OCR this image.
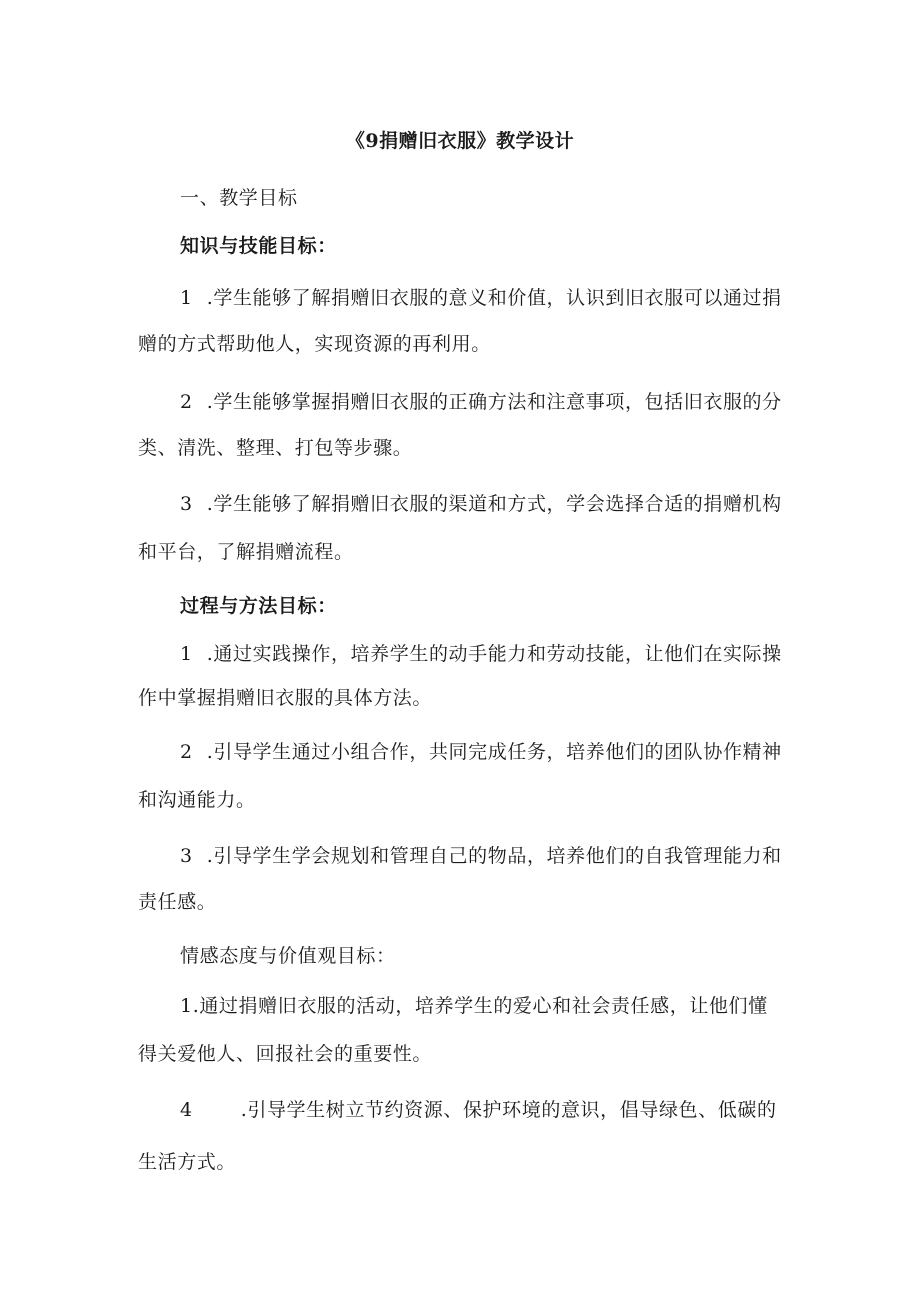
《9捐赠旧衣服》教学设计
一、教学目标
知识与技能目标：
1 .学生能够了解捐赠旧衣服的意义和价值，认识到旧衣服可以通过捐
赠的方式帮助他人，实现资源的再利用。
2 .学生能够掌握捐赠旧衣服的正确方法和注意事项，包括旧衣服的分
类、清洗、整理、打包等步骤。
3 .学生能够了解捐赠旧衣服的渠道和方式，学会选择合适的捐赠机构
和平台，了解捐赠流程。
过程与方法目标：
1 .通过实践操作，培养学生的动手能力和劳动技能，让他们在实际操
作中掌握捐赠旧衣服的具体方法。
2 .引导学生通过小组合作，共同完成任务，培养他们的团队协作精神
和沟通能力。
3 .引导学生学会规划和管理自己的物品，培养他们的自我管理能力和
责任感。
情感态度与价值观目标：
1.通过捐赠旧衣服的活动，培养学生的爱心和社会责任感，让他们懂
得关爱他人、回报社会的重要性。
4	.引导学生树立节约资源、保护环境的意识，倡导绿色、低碳的
生活方式。
